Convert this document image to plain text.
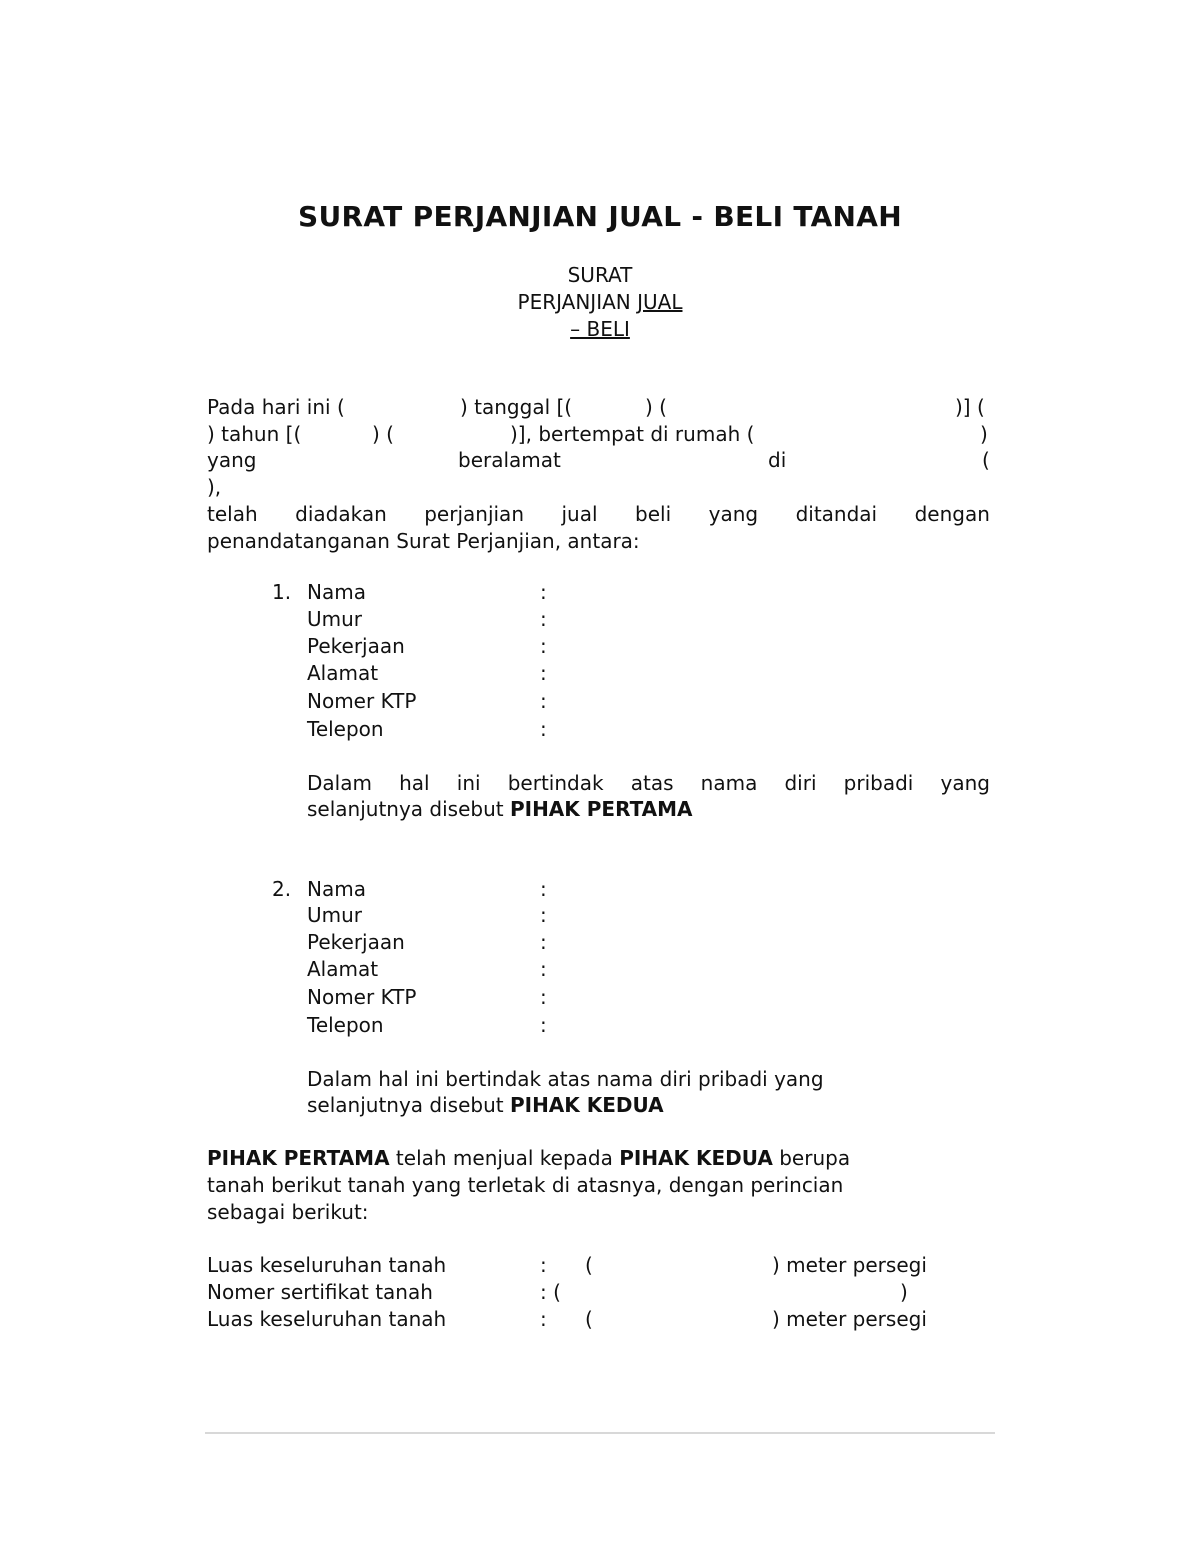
SURAT PERJANJIAN JUAL - BELI TANAH
SURAT
PERJANJIAN JUAL
– BELI
Pada hari ini (	) tanggal [(	) (	)] (
) tahun [(	) (	)], bertempat di rumah (	)
yang	beralamat	di	(
),
telah diadakan perjanjian jual beli yang ditandai dengan
penandatanganan Surat Perjanjian, antara:
1. Nama	:
Umur	:
Pekerjaan	:
Alamat	:
Nomer KTP	:
Telepon	:
Dalam hal ini bertindak atas nama diri pribadi yang
selanjutnya disebut PIHAK PERTAMA
2. Nama	:
Umur	:
Pekerjaan	:
Alamat	:
Nomer KTP	:
Telepon	:
Dalam hal ini bertindak atas nama diri pribadi yang
selanjutnya disebut PIHAK KEDUA
PIHAK PERTAMA telah menjual kepada PIHAK KEDUA berupa
tanah berikut tanah yang terletak di atasnya, dengan perincian
sebagai berikut:
Luas keseluruhan tanah	: (	) meter persegi
Nomer sertifikat tanah	: (	)
Luas keseluruhan tanah	: (	) meter persegi
